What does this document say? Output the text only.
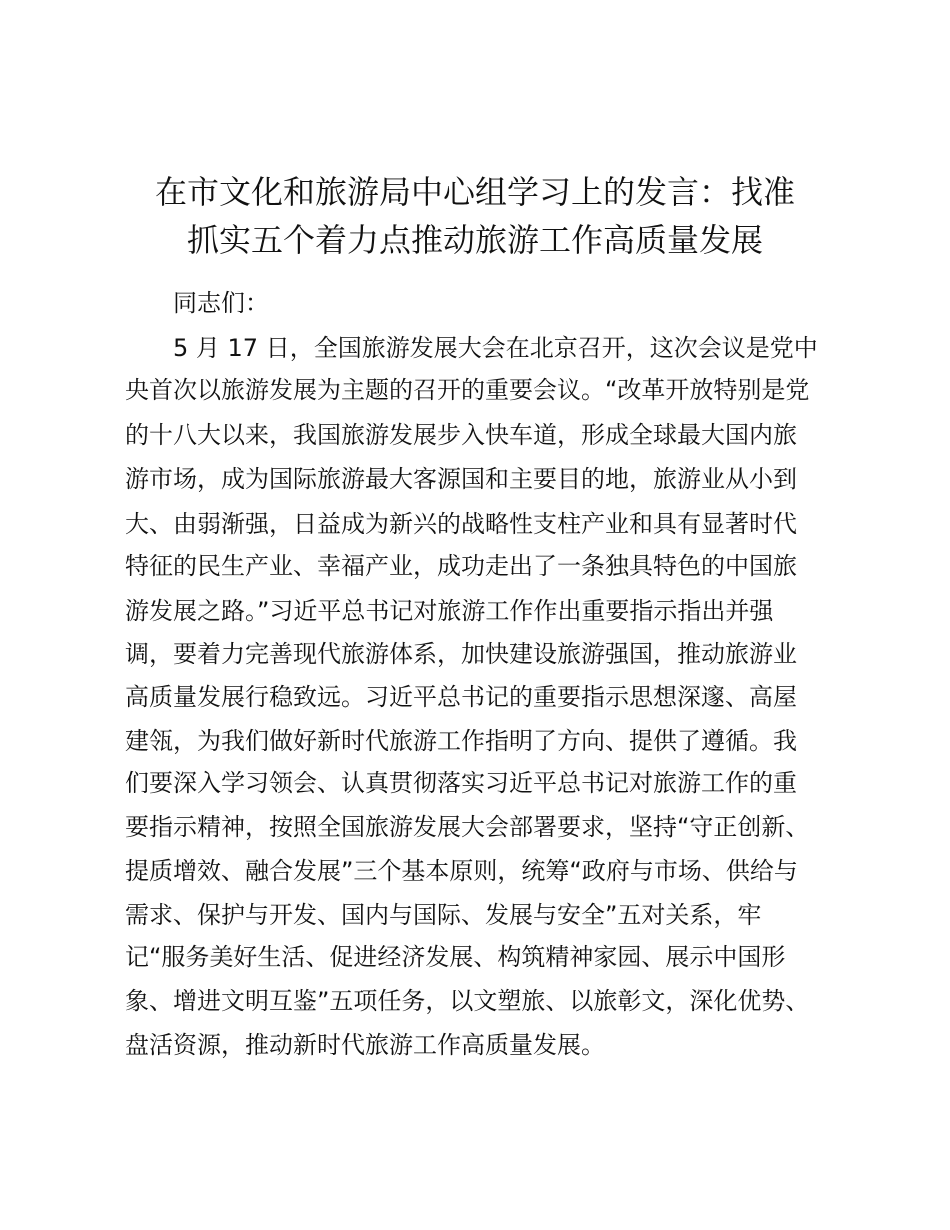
在市文化和旅游局中心组学习上的发言：找准
抓实五个着力点推动旅游工作高质量发展
同志们：
5 月 17 日，全国旅游发展大会在北京召开，这次会议是党中
央首次以旅游发展为主题的召开的重要会议。“改革开放特别是党
的十八大以来，我国旅游发展步入快车道，形成全球最大国内旅
游市场，成为国际旅游最大客源国和主要目的地，旅游业从小到
大、由弱渐强，日益成为新兴的战略性支柱产业和具有显著时代
特征的民生产业、幸福产业，成功走出了一条独具特色的中国旅
游发展之路。”习近平总书记对旅游工作作出重要指示指出并强
调，要着力完善现代旅游体系，加快建设旅游强国，推动旅游业
高质量发展行稳致远。习近平总书记的重要指示思想深邃、高屋
建瓴，为我们做好新时代旅游工作指明了方向、提供了遵循。我
们要深入学习领会、认真贯彻落实习近平总书记对旅游工作的重
要指示精神，按照全国旅游发展大会部署要求，坚持“守正创新、
提质增效、融合发展”三个基本原则，统筹“政府与市场、供给与
需求、保护与开发、国内与国际、发展与安全”五对关系，牢
记“服务美好生活、促进经济发展、构筑精神家园、展示中国形
象、增进文明互鉴”五项任务，以文塑旅、以旅彰文，深化优势、
盘活资源，推动新时代旅游工作高质量发展。
